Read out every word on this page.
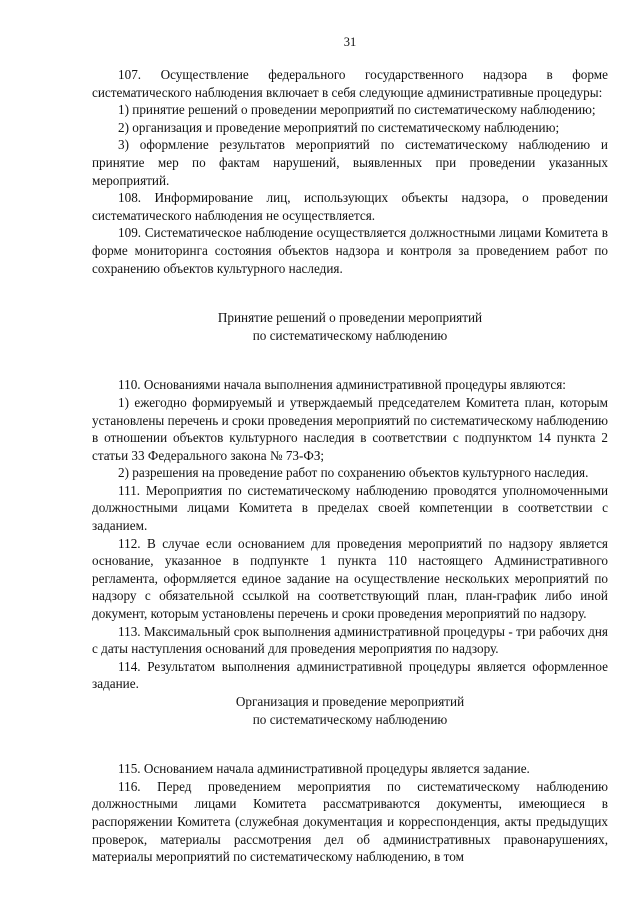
31

107. Осуществление федерального государственного надзора в форме систематического наблюдения включает в себя следующие административные процедуры:

1) принятие решений о проведении мероприятий по систематическому наблюдению;

2) организация и проведение мероприятий по систематическому наблюдению;

3) оформление результатов мероприятий по систематическому наблюдению и принятие мер по фактам нарушений, выявленных при проведении указанных мероприятий.

108. Информирование лиц, использующих объекты надзора, о проведении систематического наблюдения не осуществляется.

109. Систематическое наблюдение осуществляется должностными лицами Комитета в форме мониторинга состояния объектов надзора и контроля за проведением работ по сохранению объектов культурного наследия.

Принятие решений о проведении мероприятий

по систематическому наблюдению

110. Основаниями начала выполнения административной процедуры являются:

1) ежегодно формируемый и утверждаемый председателем Комитета план, которым установлены перечень и сроки проведения мероприятий по систематическому наблюдению в отношении объектов культурного наследия в соответствии с подпунктом 14 пункта 2 статьи 33 Федерального закона № 73-ФЗ;

2) разрешения на проведение работ по сохранению объектов культурного наследия.

111. Мероприятия по систематическому наблюдению проводятся уполномоченными должностными лицами Комитета в пределах своей компетенции в соответствии с заданием.

112. В случае если основанием для проведения мероприятий по надзору является основание, указанное в подпункте 1 пункта 110 настоящего Административного регламента, оформляется единое задание на осуществление нескольких мероприятий по надзору с обязательной ссылкой на соответствующий план, план-график либо иной документ, которым установлены перечень и сроки проведения мероприятий по надзору.

113. Максимальный срок выполнения административной процедуры - три рабочих дня с даты наступления оснований для проведения мероприятия по надзору.

114. Результатом выполнения административной процедуры является оформленное задание.

Организация и проведение мероприятий

по систематическому наблюдению

115. Основанием начала административной процедуры является задание.

116. Перед проведением мероприятия по систематическому наблюдению должностными лицами Комитета рассматриваются документы, имеющиеся в распоряжении Комитета (служебная документация и корреспонденция, акты предыдущих проверок, материалы рассмотрения дел об административных правонарушениях, материалы мероприятий по систематическому наблюдению, в том
